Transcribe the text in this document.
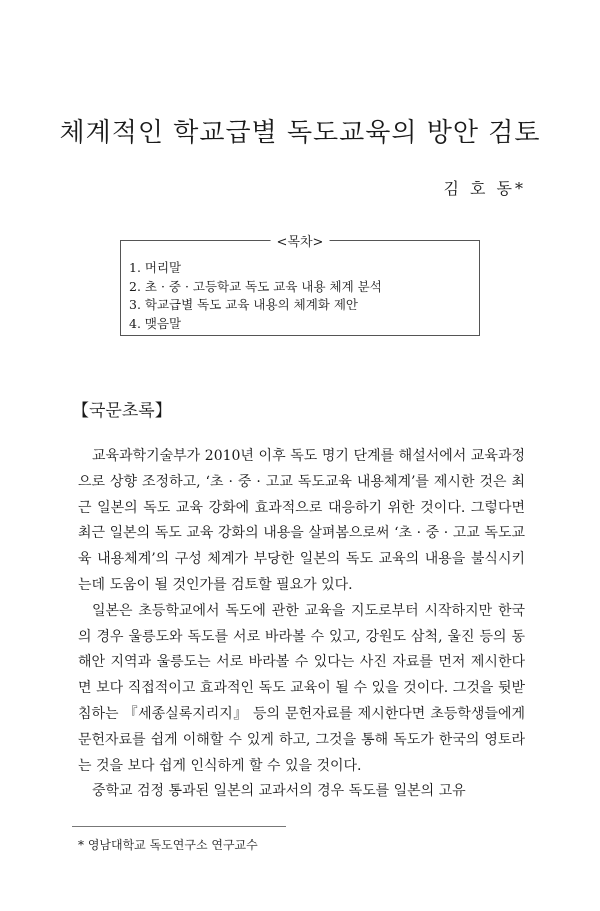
체계적인 학교급별 독도교육의 방안 검토
김 호 동*
<목차>
1. 머리말
2. 초 · 중 · 고등학교 독도 교육 내용 체계 분석
3. 학교급별 독도 교육 내용의 체계화 제안
4. 맺음말
【국문초록】

교육과학기술부가 2010년 이후 독도 명기 단계를 해설서에서 교육과정으로 상향 조정하고, ‘초 · 중 · 고교 독도교육 내용체계’를 제시한 것은 최근 일본의 독도 교육 강화에 효과적으로 대응하기 위한 것이다. 그렇다면 최근 일본의 독도 교육 강화의 내용을 살펴봄으로써 ‘초 · 중 · 고교 독도교육 내용체계’의 구성 체계가 부당한 일본의 독도 교육의 내용을 불식시키는데 도움이 될 것인가를 검토할 필요가 있다.

일본은 초등학교에서 독도에 관한 교육을 지도로부터 시작하지만 한국의 경우 울릉도와 독도를 서로 바라볼 수 있고, 강원도 삼척, 울진 등의 동해안 지역과 울릉도는 서로 바라볼 수 있다는 사진 자료를 먼저 제시한다면 보다 직접적이고 효과적인 독도 교육이 될 수 있을 것이다. 그것을 뒷받침하는 『세종실록지리지』 등의 문헌자료를 제시한다면 초등학생들에게 문헌자료를 쉽게 이해할 수 있게 하고, 그것을 통해 독도가 한국의 영토라는 것을 보다 쉽게 인식하게 할 수 있을 것이다.

중학교 검정 통과된 일본의 교과서의 경우 독도를 일본의 고유

* 영남대학교 독도연구소 연구교수
